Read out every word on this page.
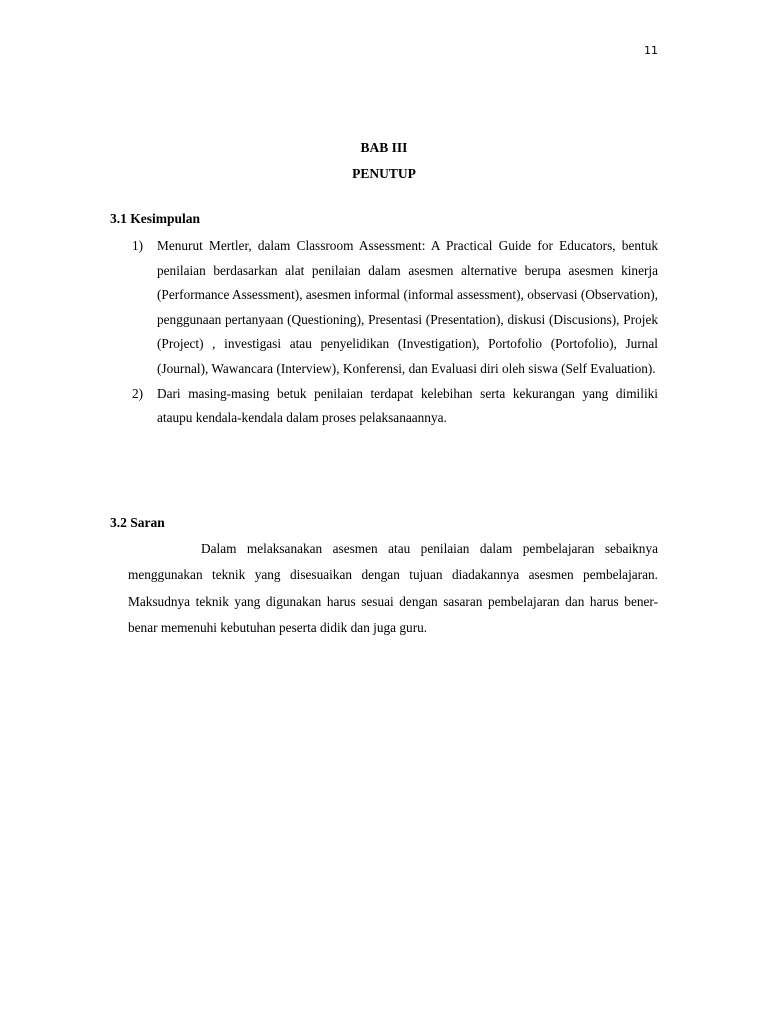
11
BAB III
PENUTUP
3.1 Kesimpulan
1) Menurut Mertler, dalam Classroom Assessment: A Practical Guide for Educators, bentuk penilaian berdasarkan alat penilaian dalam asesmen alternative berupa asesmen kinerja (Performance Assessment), asesmen informal (informal assessment), observasi (Observation), penggunaan pertanyaan (Questioning), Presentasi (Presentation), diskusi (Discusions), Projek (Project) , investigasi atau penyelidikan (Investigation), Portofolio (Portofolio), Jurnal (Journal), Wawancara (Interview), Konferensi, dan Evaluasi diri oleh siswa (Self Evaluation).
2) Dari masing-masing betuk penilaian terdapat kelebihan serta kekurangan yang dimiliki ataupu kendala-kendala dalam proses pelaksanaannya.
3.2 Saran

Dalam melaksanakan asesmen atau penilaian dalam pembelajaran sebaiknya menggunakan teknik yang disesuaikan dengan tujuan diadakannya asesmen pembelajaran. Maksudnya teknik yang digunakan harus sesuai dengan sasaran pembelajaran dan harus bener-benar memenuhi kebutuhan peserta didik dan juga guru.
